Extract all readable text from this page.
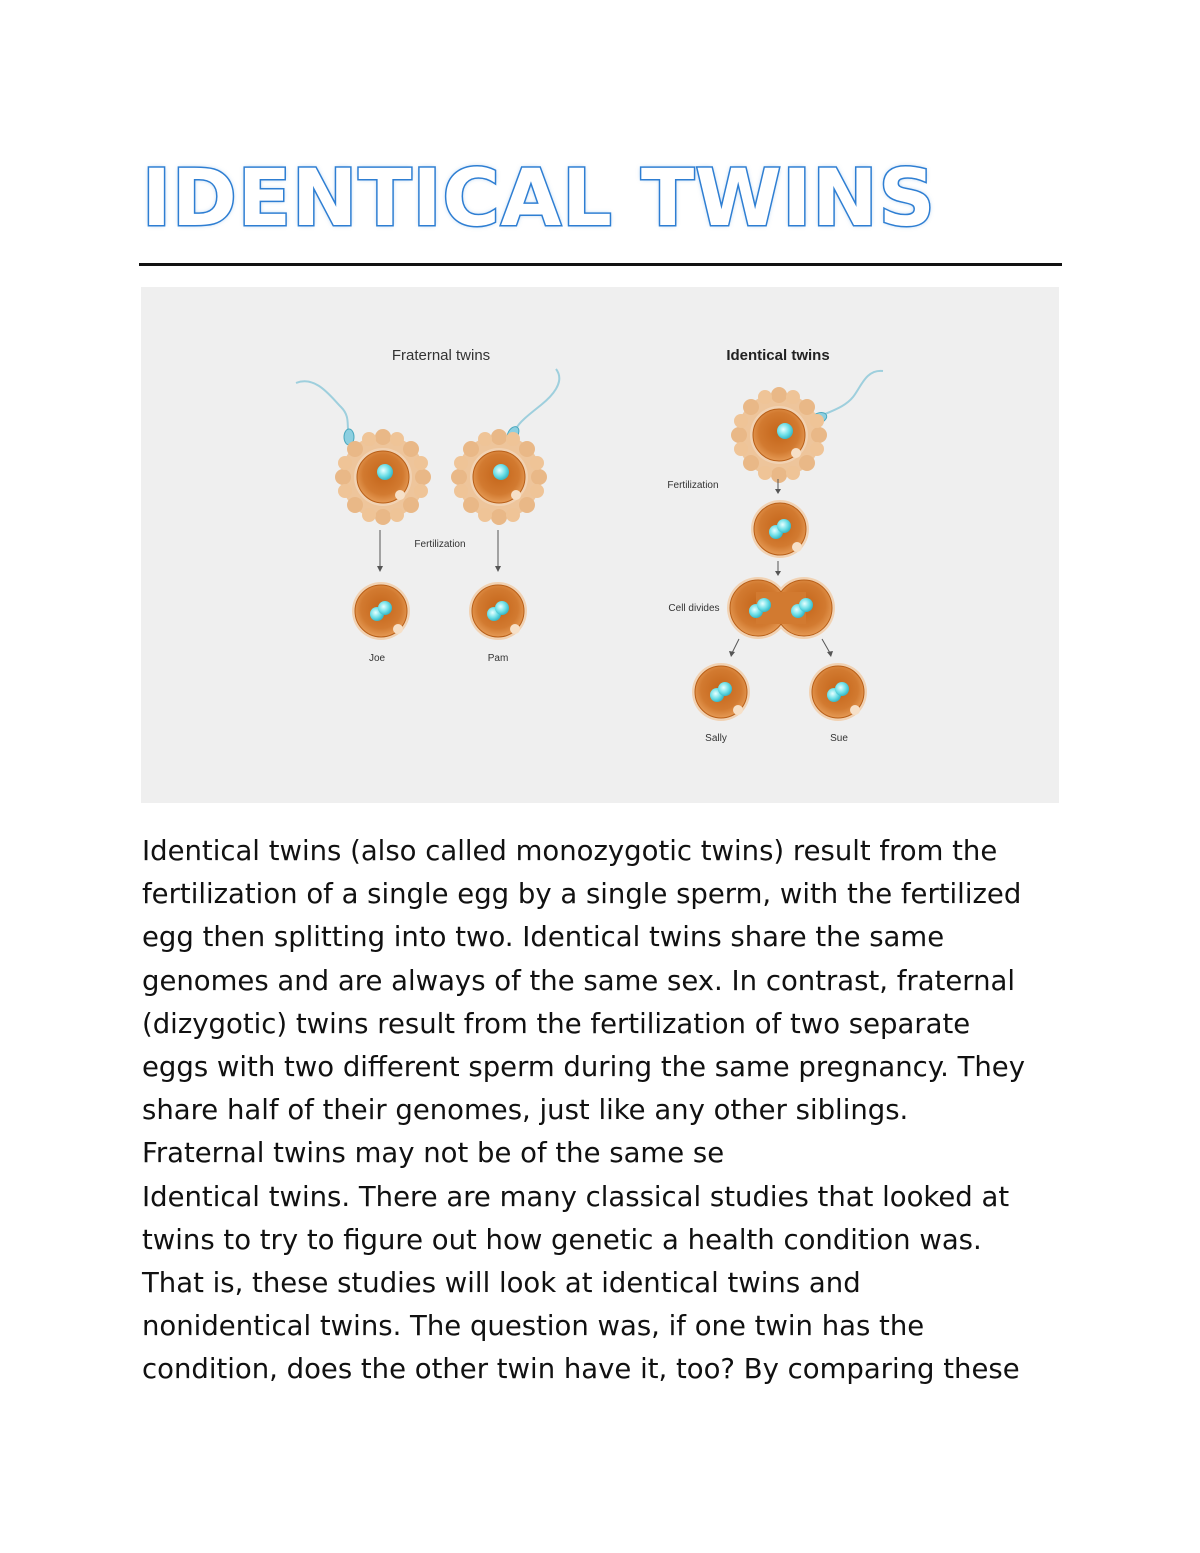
IDENTICAL TWINS
Fraternal twins	Identical twins
Fertilization
Joe	Pam
Fertilization
Cell divides
Sally	Sue

Identical twins (also called monozygotic twins) result from the
fertilization of a single egg by a single sperm, with the fertilized
egg then splitting into two. Identical twins share the same
genomes and are always of the same sex. In contrast, fraternal
(dizygotic) twins result from the fertilization of two separate
eggs with two different sperm during the same pregnancy. They
share half of their genomes, just like any other siblings.
Fraternal twins may not be of the same se
Identical twins. There are many classical studies that looked at
twins to try to figure out how genetic a health condition was.
That is, these studies will look at identical twins and
nonidentical twins. The question was, if one twin has the
condition, does the other twin have it, too? By comparing these
